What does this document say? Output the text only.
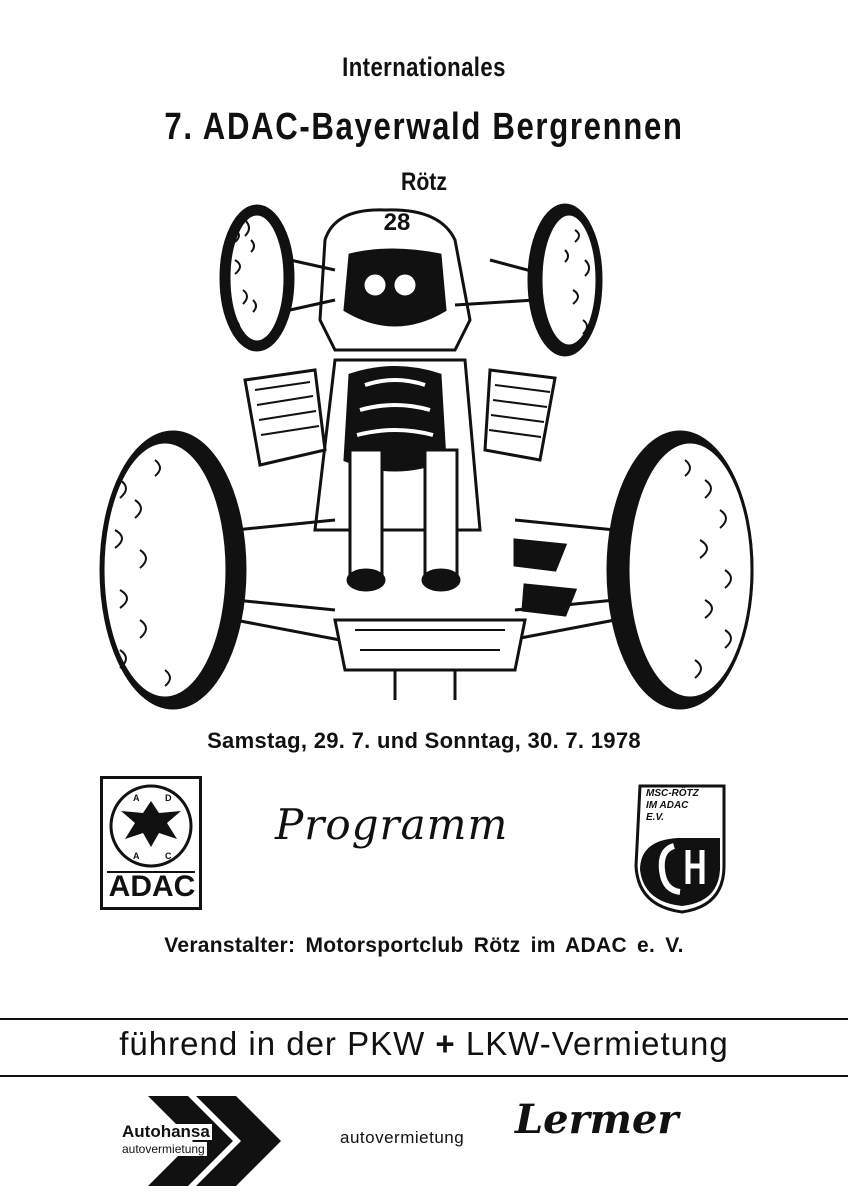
Internationales
7. ADAC-Bayerwald Bergrennen
Rötz
28
Samstag, 29. 7. und Sonntag, 30. 7. 1978
A	D
A	C
ADAC
Programm
MSC-RÖTZ
IM ADAC
E.V.
Veranstalter: Motorsportclub Rötz im ADAC e. V.
führend in der PKW + LKW-Vermietung
Autohansa
autovermietung
autovermietung Lermer
